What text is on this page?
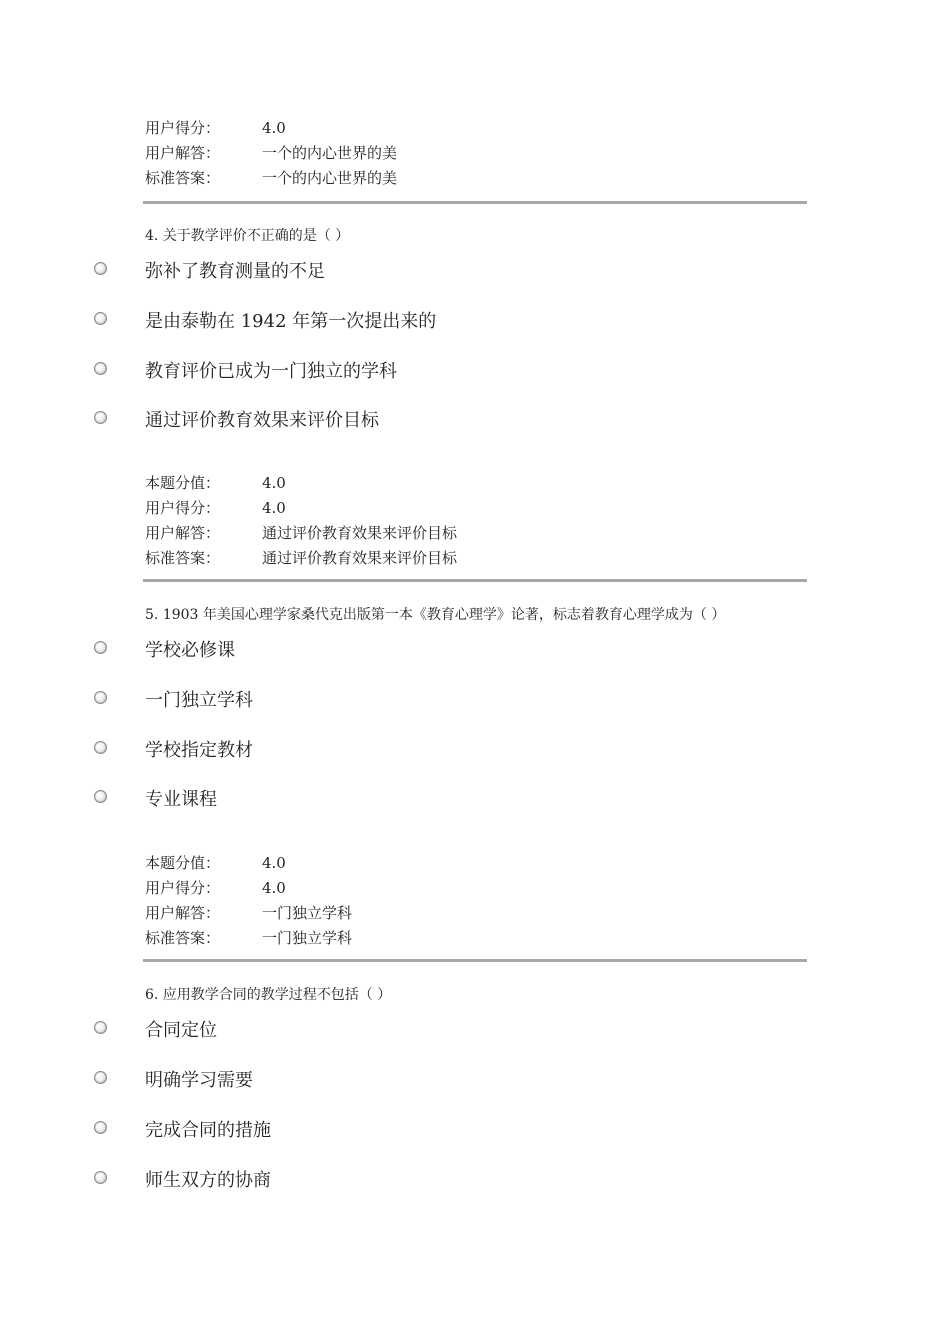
用户得分：	4.0
用户解答：	一个的内心世界的美
标准答案：	一个的内心世界的美
4. 关于教学评价不正确的是（ ）
弥补了教育测量的不足
是由泰勒在 1942 年第一次提出来的
教育评价已成为一门独立的学科
通过评价教育效果来评价目标
本题分值：	4.0
用户得分：	4.0
用户解答：	通过评价教育效果来评价目标
标准答案：	通过评价教育效果来评价目标
5. 1903 年美国心理学家桑代克出版第一本《教育心理学》论著，标志着教育心理学成为（ ）
学校必修课
一门独立学科
学校指定教材
专业课程
本题分值：	4.0
用户得分：	4.0
用户解答：	一门独立学科
标准答案：	一门独立学科
6. 应用教学合同的教学过程不包括（ ）
合同定位
明确学习需要
完成合同的措施
师生双方的协商
